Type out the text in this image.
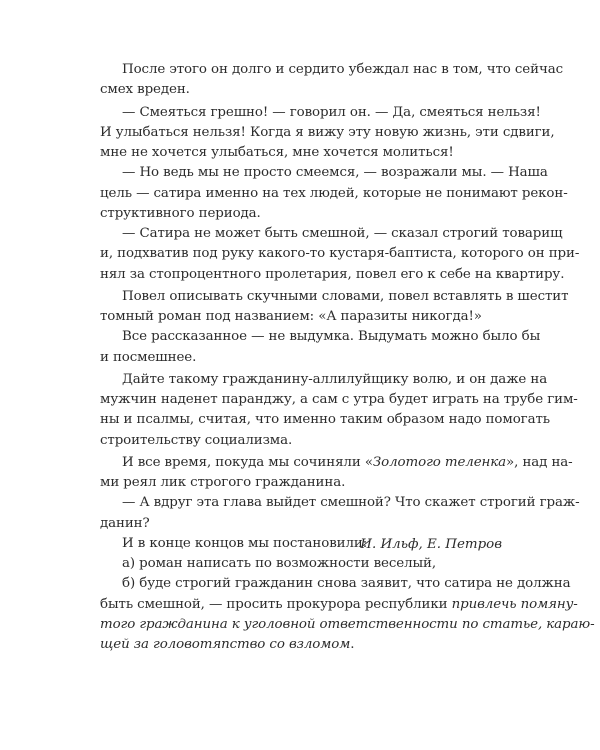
После этого он долго и сердито убеждал нас в том, что сейчас
смех вреден.
— Смеяться грешно! — говорил он. — Да, смеяться нельзя!
И улыбаться нельзя! Когда я вижу эту новую жизнь, эти сдвиги,
мне не хочется улыбаться, мне хочется молиться!
— Но ведь мы не просто смеемся, — возражали мы. — Наша
цель — сатира именно на тех людей, которые не понимают рекон-
структивного периода.
— Сатира не может быть смешной, — сказал строгий товарищ
и, подхватив под руку какого-то кустаря-баптиста, которого он при-
нял за стопроцентного пролетария, повел его к себе на квартиру.
Повел описывать скучными словами, повел вставлять в шестит
томный роман под названием: «А паразиты никогда!»
Все рассказанное — не выдумка. Выдумать можно было бы
и посмешнее.
Дайте такому гражданину-аллилуйщику волю, и он даже на
мужчин наденет паранджу, а сам с утра будет играть на трубе гим-
ны и псалмы, считая, что именно таким образом надо помогать
строительству социализма.
И все время, покуда мы сочиняли «Золотого теленка», над на-
ми реял лик строгого гражданина.
— А вдруг эта глава выйдет смешной? Что скажет строгий граж-
данин?
И в конце концов мы постановили:
а) роман написать по возможности веселый,
б) буде строгий гражданин снова заявит, что сатира не должна
быть смешной, — просить прокурора республики привлечь помяну-
того гражданина к уголовной ответственности по статье, караю-
щей за головотяпство со взломом.
И. Ильф, Е. Петров
